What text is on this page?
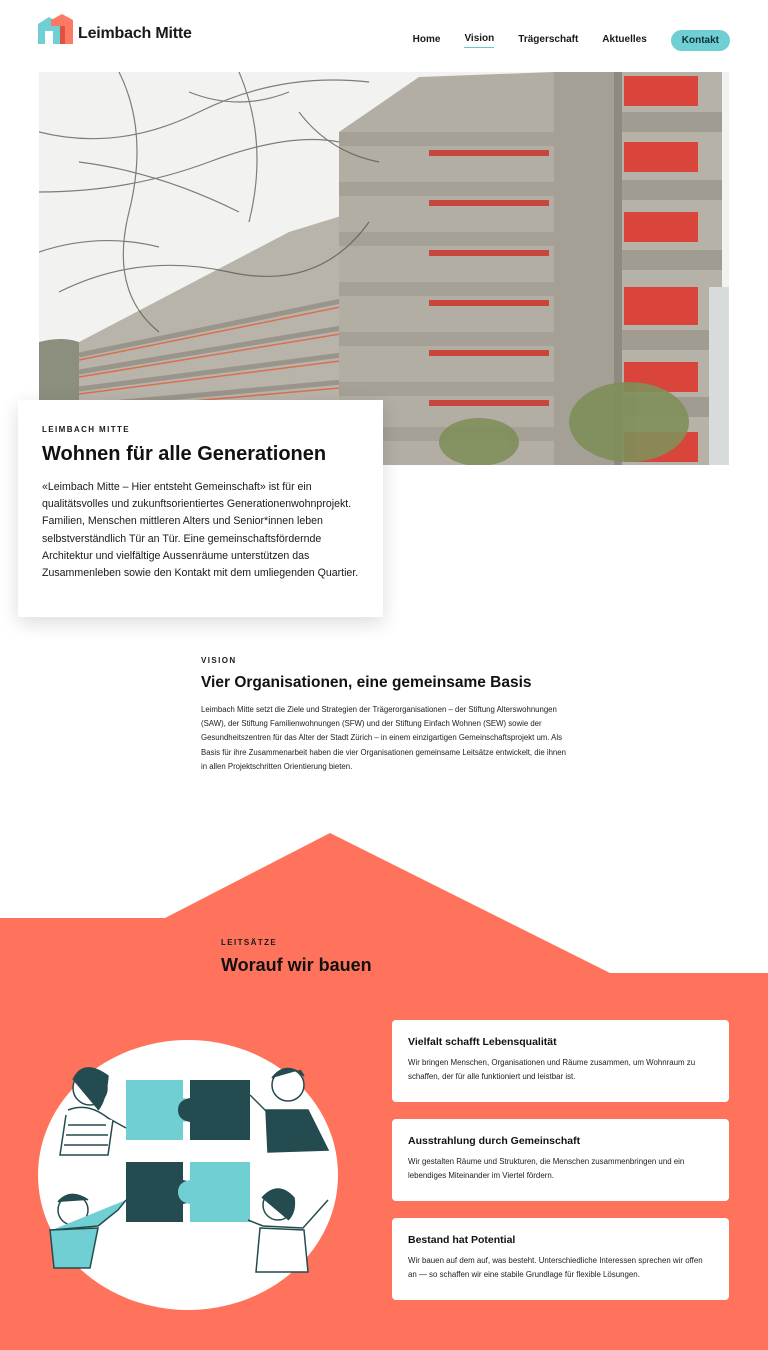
Leimbach Mitte	Home Vision Trägerschaft Aktuelles	Kontakt
LEIMBACH MITTE
Wohnen für alle Generationen

«Leimbach Mitte – Hier entsteht Gemeinschaft» ist für ein qualitätsvolles und zukunftsorientiertes Generationenwohnprojekt. Familien, Menschen mittleren Alters und Senior*innen leben selbstverständlich Tür an Tür. Eine gemeinschaftsfördernde Architektur und vielfältige Aussenräume unterstützen das Zusammenleben sowie den Kontakt mit dem umliegenden Quartier.

VISION
Vier Organisationen, eine gemeinsame Basis

Leimbach Mitte setzt die Ziele und Strategien der Trägerorganisationen – der Stiftung Alterswohnungen (SAW), der Stiftung Familienwohnungen (SFW) und der Stiftung Einfach Wohnen (SEW) sowie der Gesundheitszentren für das Alter der Stadt Zürich – in einem einzigartigen Gemeinschaftsprojekt um. Als Basis für ihre Zusammenarbeit haben die vier Organisationen gemeinsame Leitsätze entwickelt, die ihnen in allen Projektschritten Orientierung bieten.

LEITSÄTZE
Worauf wir bauen
Vielfalt schafft Lebensqualität
Wir bringen Menschen, Organisationen und Räume zusammen, um Wohnraum zu schaffen, der für alle funktioniert und leistbar ist.
Ausstrahlung durch Gemeinschaft
Wir gestalten Räume und Strukturen, die Menschen zusammenbringen und ein lebendiges Miteinander im Viertel fördern.
Bestand hat Potential
Wir bauen auf dem auf, was besteht. Unterschiedliche Interessen sprechen wir offen an — so schaffen wir eine stabile Grundlage für flexible Lösungen.
